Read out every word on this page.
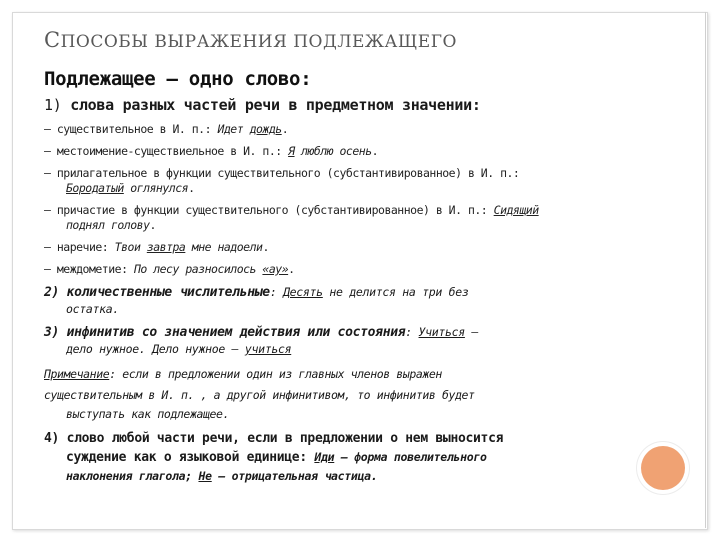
СПОСОБЫ ВЫРАЖЕНИЯ ПОДЛЕЖАЩЕГО
Подлежащее — одно слово:
1) слова разных частей речи в предметном значении:
— существительное в И. п.: Идет дождь.
— местоимение-существиельное в И. п.: Я люблю осень.
— прилагательное в функции существительного (субстантивированное) в И. п.:
Бородатый оглянулся.
— причастие в функции существительного (субстантивированное) в И. п.: Сидящий
поднял голову.
— наречие: Твои завтра мне надоели.
— междометие: По лесу разносилось «ау».
2) количественные числительные: Десять не делится на три без
остатка.
3) инфинитив со значением действия или состояния: Учиться —
дело нужное. Дело нужное — учиться
Примечание: если в предложении один из главных членов выражен
существительным в И. п. , а другой инфинитивом, то инфинитив будет
выступать как подлежащее.
4) слово любой части речи, если в предложении о нем выносится
суждение как о языковой единице: Иди — форма повелительного
наклонения глагола; Не — отрицательная частица.
